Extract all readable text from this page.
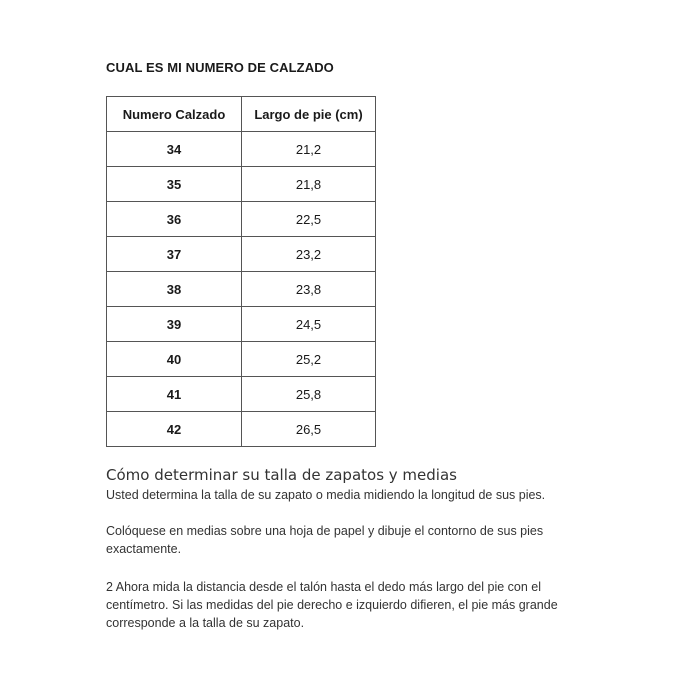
CUAL ES MI NUMERO DE CALZADO
Numero Calzado	Largo de pie (cm)
34	21,2
35	21,8
36	22,5
37	23,2
38	23,8
39	24,5
40	25,2
41	25,8
42	26,5
Cómo determinar su talla de zapatos y medias

Usted determina la talla de su zapato o media midiendo la longitud de sus pies.

Colóquese en medias sobre una hoja de papel y dibuje el contorno de sus pies exactamente.

2 Ahora mida la distancia desde el talón hasta el dedo más largo del pie con el centímetro. Si las medidas del pie derecho e izquierdo difieren, el pie más grande corresponde a la talla de su zapato.
